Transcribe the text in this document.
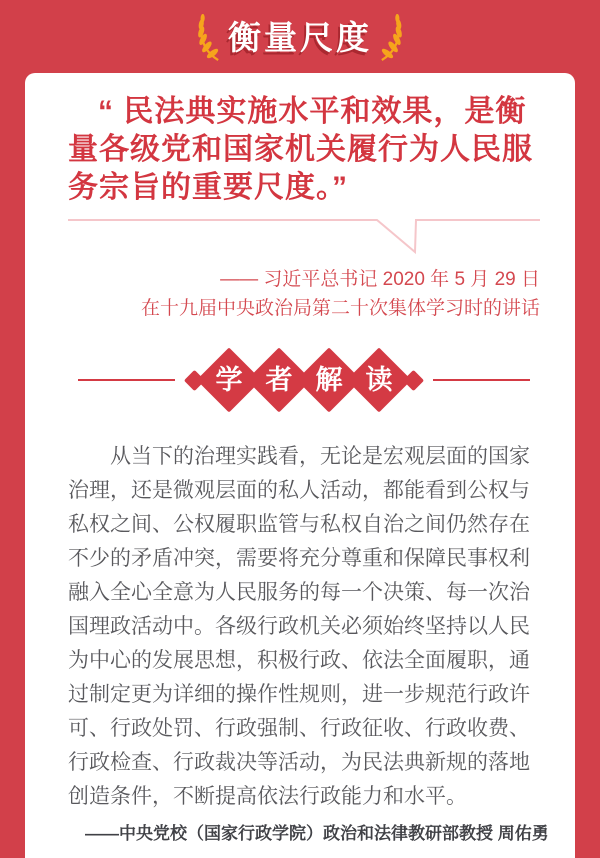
衡量尺度
“ 民法典实施水平和效果，是衡
量各级党和国家机关履行为人民服
务宗旨的重要尺度。”
—— 习近平总书记 2020 年 5 月 29 日
在十九届中央政治局第二十次集体学习时的讲话
学 者 解 读
　　从当下的治理实践看，无论是宏观层面的国家
治理，还是微观层面的私人活动，都能看到公权与
私权之间、公权履职监管与私权自治之间仍然存在
不少的矛盾冲突，需要将充分尊重和保障民事权利
融入全心全意为人民服务的每一个决策、每一次治
国理政活动中。各级行政机关必须始终坚持以人民
为中心的发展思想，积极行政、依法全面履职，通
过制定更为详细的操作性规则，进一步规范行政许
可、行政处罚、行政强制、行政征收、行政收费、
行政检查、行政裁决等活动，为民法典新规的落地
创造条件，不断提高依法行政能力和水平。
——中央党校（国家行政学院）政治和法律教研部教授 周佑勇
